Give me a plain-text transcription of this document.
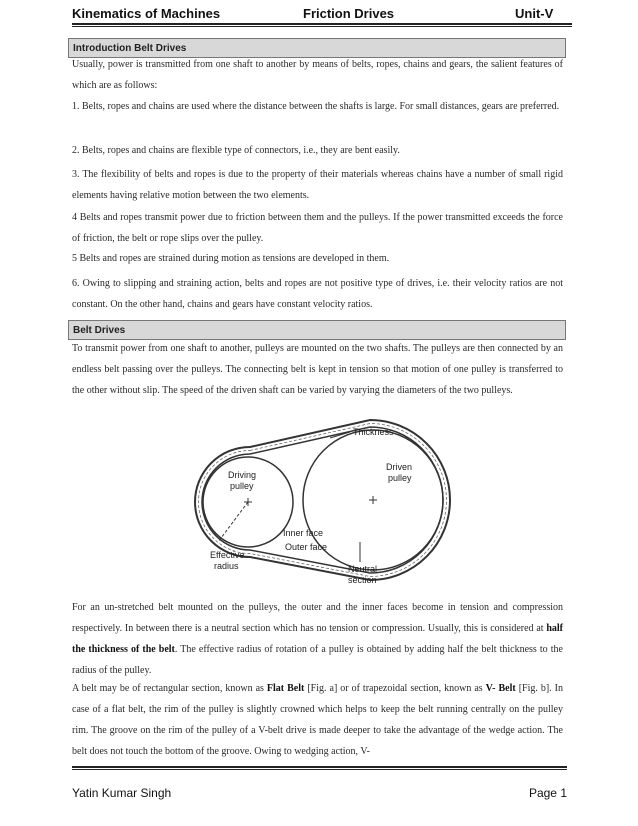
Kinematics of Machines	Friction Drives	Unit-V
Introduction Belt Drives
Usually, power is transmitted from one shaft to another by means of belts, ropes, chains and gears, the salient features of which are as follows:
1. Belts, ropes and chains are used where the distance between the shafts is large. For small distances, gears are preferred.
2. Belts, ropes and chains are flexible type of connectors, i.e., they are bent easily.
3. The flexibility of belts and ropes is due to the property of their materials whereas chains have a number of small rigid elements having relative motion between the two elements.
4 Belts and ropes transmit power due to friction between them and the pulleys. If the power transmitted exceeds the force of friction, the belt or rope slips over the pulley.
5 Belts and ropes are strained during motion as tensions are developed in them.
6. Owing to slipping and straining action, belts and ropes are not positive type of drives, i.e. their velocity ratios are not constant. On the other hand, chains and gears have constant velocity ratios.
Belt Drives
To transmit power from one shaft to another, pulleys are mounted on the two shafts. The pulleys are then connected by an endless belt passing over the pulleys. The connecting belt is kept in tension so that motion of one pulley is transferred to the other without slip. The speed of the driven shaft can be varied by varying the diameters of the two pulleys.
Driving
pulley
Driven
pulley
Thickness
Inner face
Outer face
Effective
radius	Neutral
section
For an un-stretched belt mounted on the pulleys, the outer and the inner faces become in tension and compression respectively. In between there is a neutral section which has no tension or compression. Usually, this is considered at half the thickness of the belt. The effective radius of rotation of a pulley is obtained by adding half the belt thickness to the radius of the pulley.
A belt may be of rectangular section, known as Flat Belt [Fig. a] or of trapezoidal section, known as V- Belt [Fig. b]. In case of a flat belt, the rim of the pulley is slightly crowned which helps to keep the belt running centrally on the pulley rim. The groove on the rim of the pulley of a V-belt drive is made deeper to take the advantage of the wedge action. The belt does not touch the bottom of the groove. Owing to wedging action, V-
Yatin Kumar Singh	Page 1
